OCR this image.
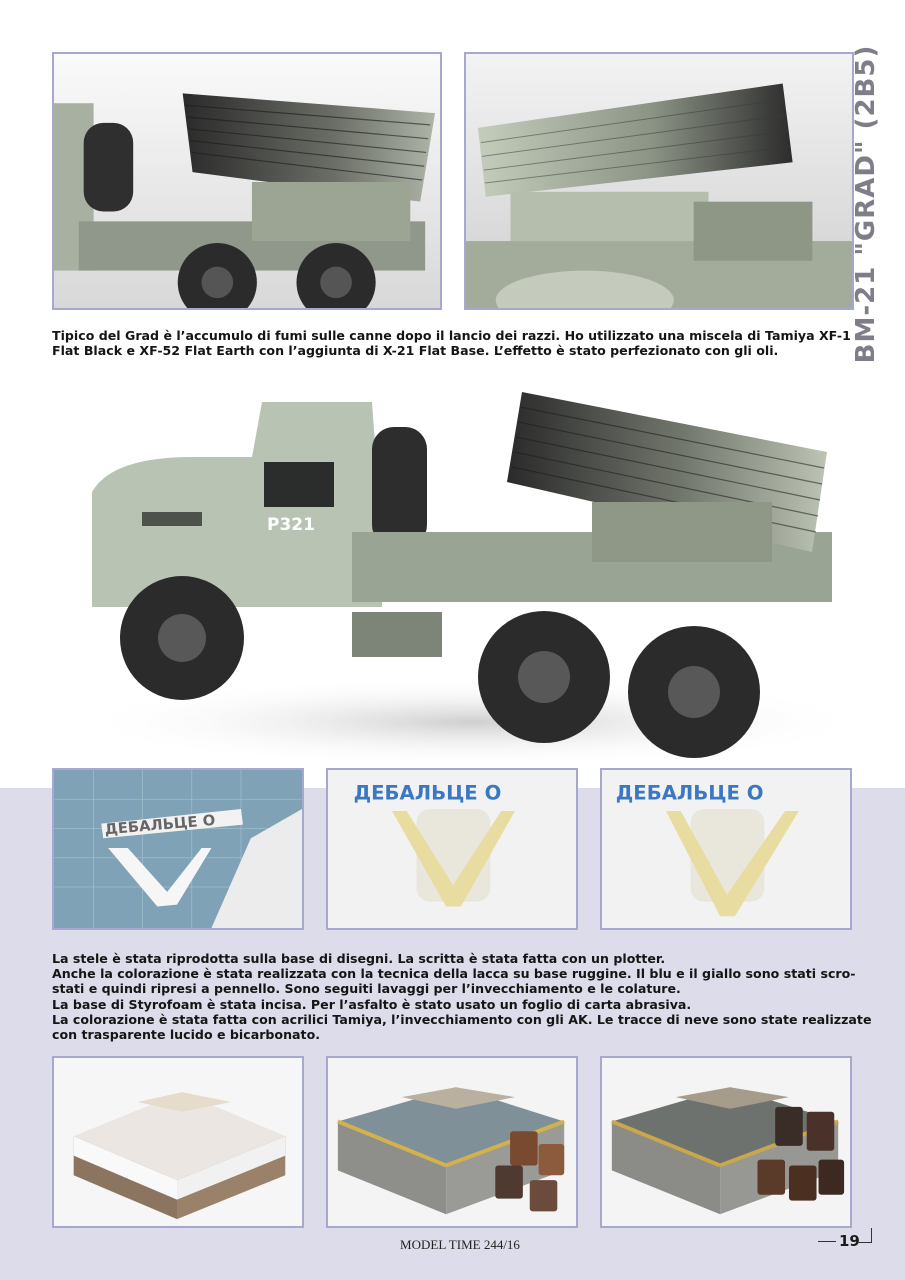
BM-21 "GRAD" (2B5)
Tipico del Grad è l’accumulo di fumi sulle canne dopo il lancio dei razzi. Ho utilizzato una miscela di Tamiya XF-1
Flat Black e XF-52 Flat Earth con l’aggiunta di X-21 Flat Base. L’effetto è stato perfezionato con gli oli.
P321
ДЕБАЛЬЦЕ О
ДЕБАЛЬЦЕ О	ДЕБАЛЬЦЕ О
La stele è stata riprodotta sulla base di disegni. La scritta è stata fatta con un plotter.
Anche la colorazione è stata realizzata con la tecnica della lacca su base ruggine. Il blu e il giallo sono stati scro-
stati e quindi ripresi a pennello. Sono seguiti lavaggi per l’invecchiamento e le colature.
La base di Styrofoam è stata incisa. Per l’asfalto è stato usato un foglio di carta abrasiva.
La colorazione è stata fatta con acrilici Tamiya, l’invecchiamento con gli AK. Le tracce di neve sono state realizzate
con trasparente lucido e bicarbonato.
MODEL TIME 244/16	19
